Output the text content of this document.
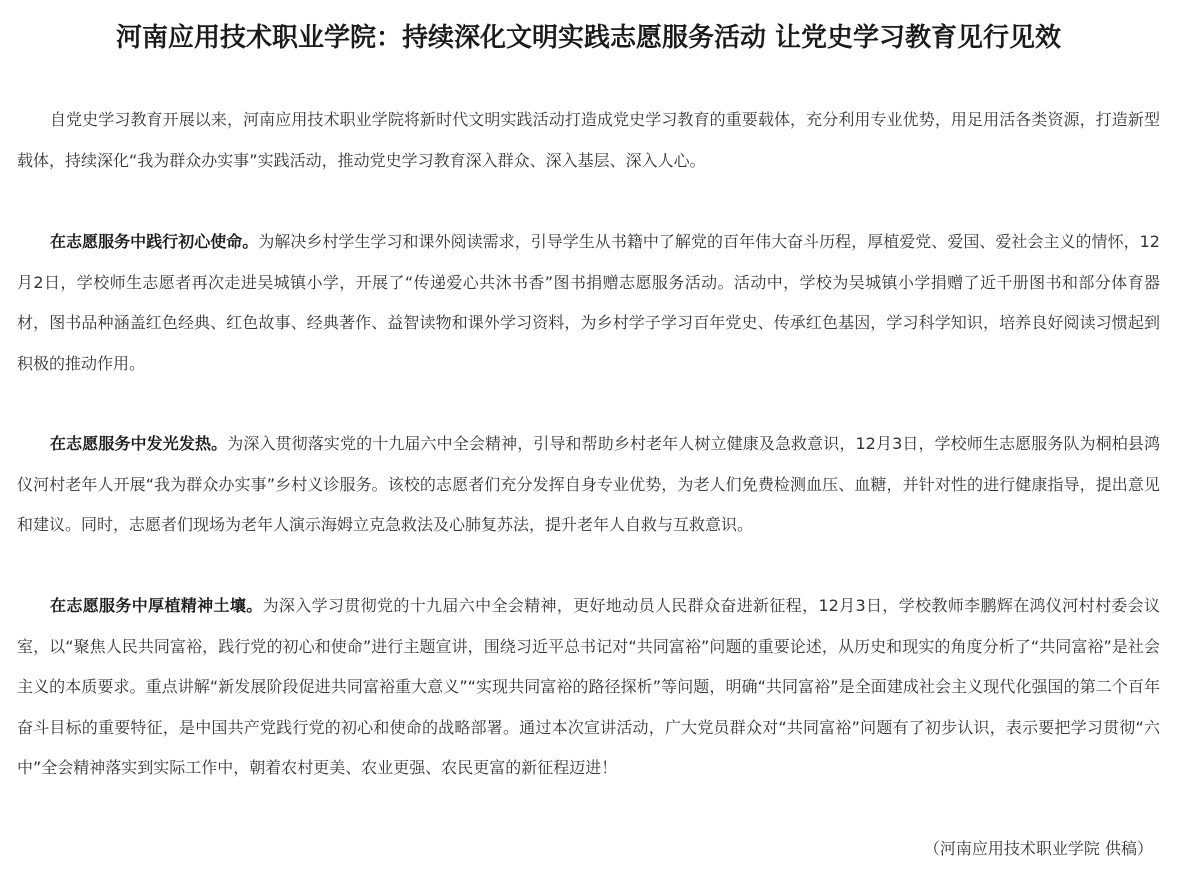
河南应用技术职业学院：持续深化文明实践志愿服务活动 让党史学习教育见行见效

自党史学习教育开展以来，河南应用技术职业学院将新时代文明实践活动打造成党史学习教育的重要载体，充分利用专业优势，用足用活各类资源，打造新型载体，持续深化“我为群众办实事”实践活动，推动党史学习教育深入群众、深入基层、深入人心。

在志愿服务中践行初心使命。为解决乡村学生学习和课外阅读需求，引导学生从书籍中了解党的百年伟大奋斗历程，厚植爱党、爱国、爱社会主义的情怀，12月2日，学校师生志愿者再次走进吴城镇小学，开展了“传递爱心共沐书香”图书捐赠志愿服务活动。活动中，学校为吴城镇小学捐赠了近千册图书和部分体育器材，图书品种涵盖红色经典、红色故事、经典著作、益智读物和课外学习资料，为乡村学子学习百年党史、传承红色基因，学习科学知识，培养良好阅读习惯起到积极的推动作用。

在志愿服务中发光发热。为深入贯彻落实党的十九届六中全会精神，引导和帮助乡村老年人树立健康及急救意识，12月3日，学校师生志愿服务队为桐柏县鸿仪河村老年人开展“我为群众办实事”乡村义诊服务。该校的志愿者们充分发挥自身专业优势，为老人们免费检测血压、血糖，并针对性的进行健康指导，提出意见和建议。同时，志愿者们现场为老年人演示海姆立克急救法及心肺复苏法，提升老年人自救与互救意识。

在志愿服务中厚植精神土壤。为深入学习贯彻党的十九届六中全会精神，更好地动员人民群众奋进新征程，12月3日，学校教师李鹏辉在鸿仪河村村委会议室，以“聚焦人民共同富裕，践行党的初心和使命”进行主题宣讲，围绕习近平总书记对“共同富裕”问题的重要论述，从历史和现实的角度分析了“共同富裕”是社会主义的本质要求。重点讲解“新发展阶段促进共同富裕重大意义”“实现共同富裕的路径探析”等问题，明确“共同富裕”是全面建成社会主义现代化强国的第二个百年奋斗目标的重要特征，是中国共产党践行党的初心和使命的战略部署。通过本次宣讲活动，广大党员群众对“共同富裕”问题有了初步认识，表示要把学习贯彻“六中”全会精神落实到实际工作中，朝着农村更美、农业更强、农民更富的新征程迈进！

（河南应用技术职业学院 供稿）
